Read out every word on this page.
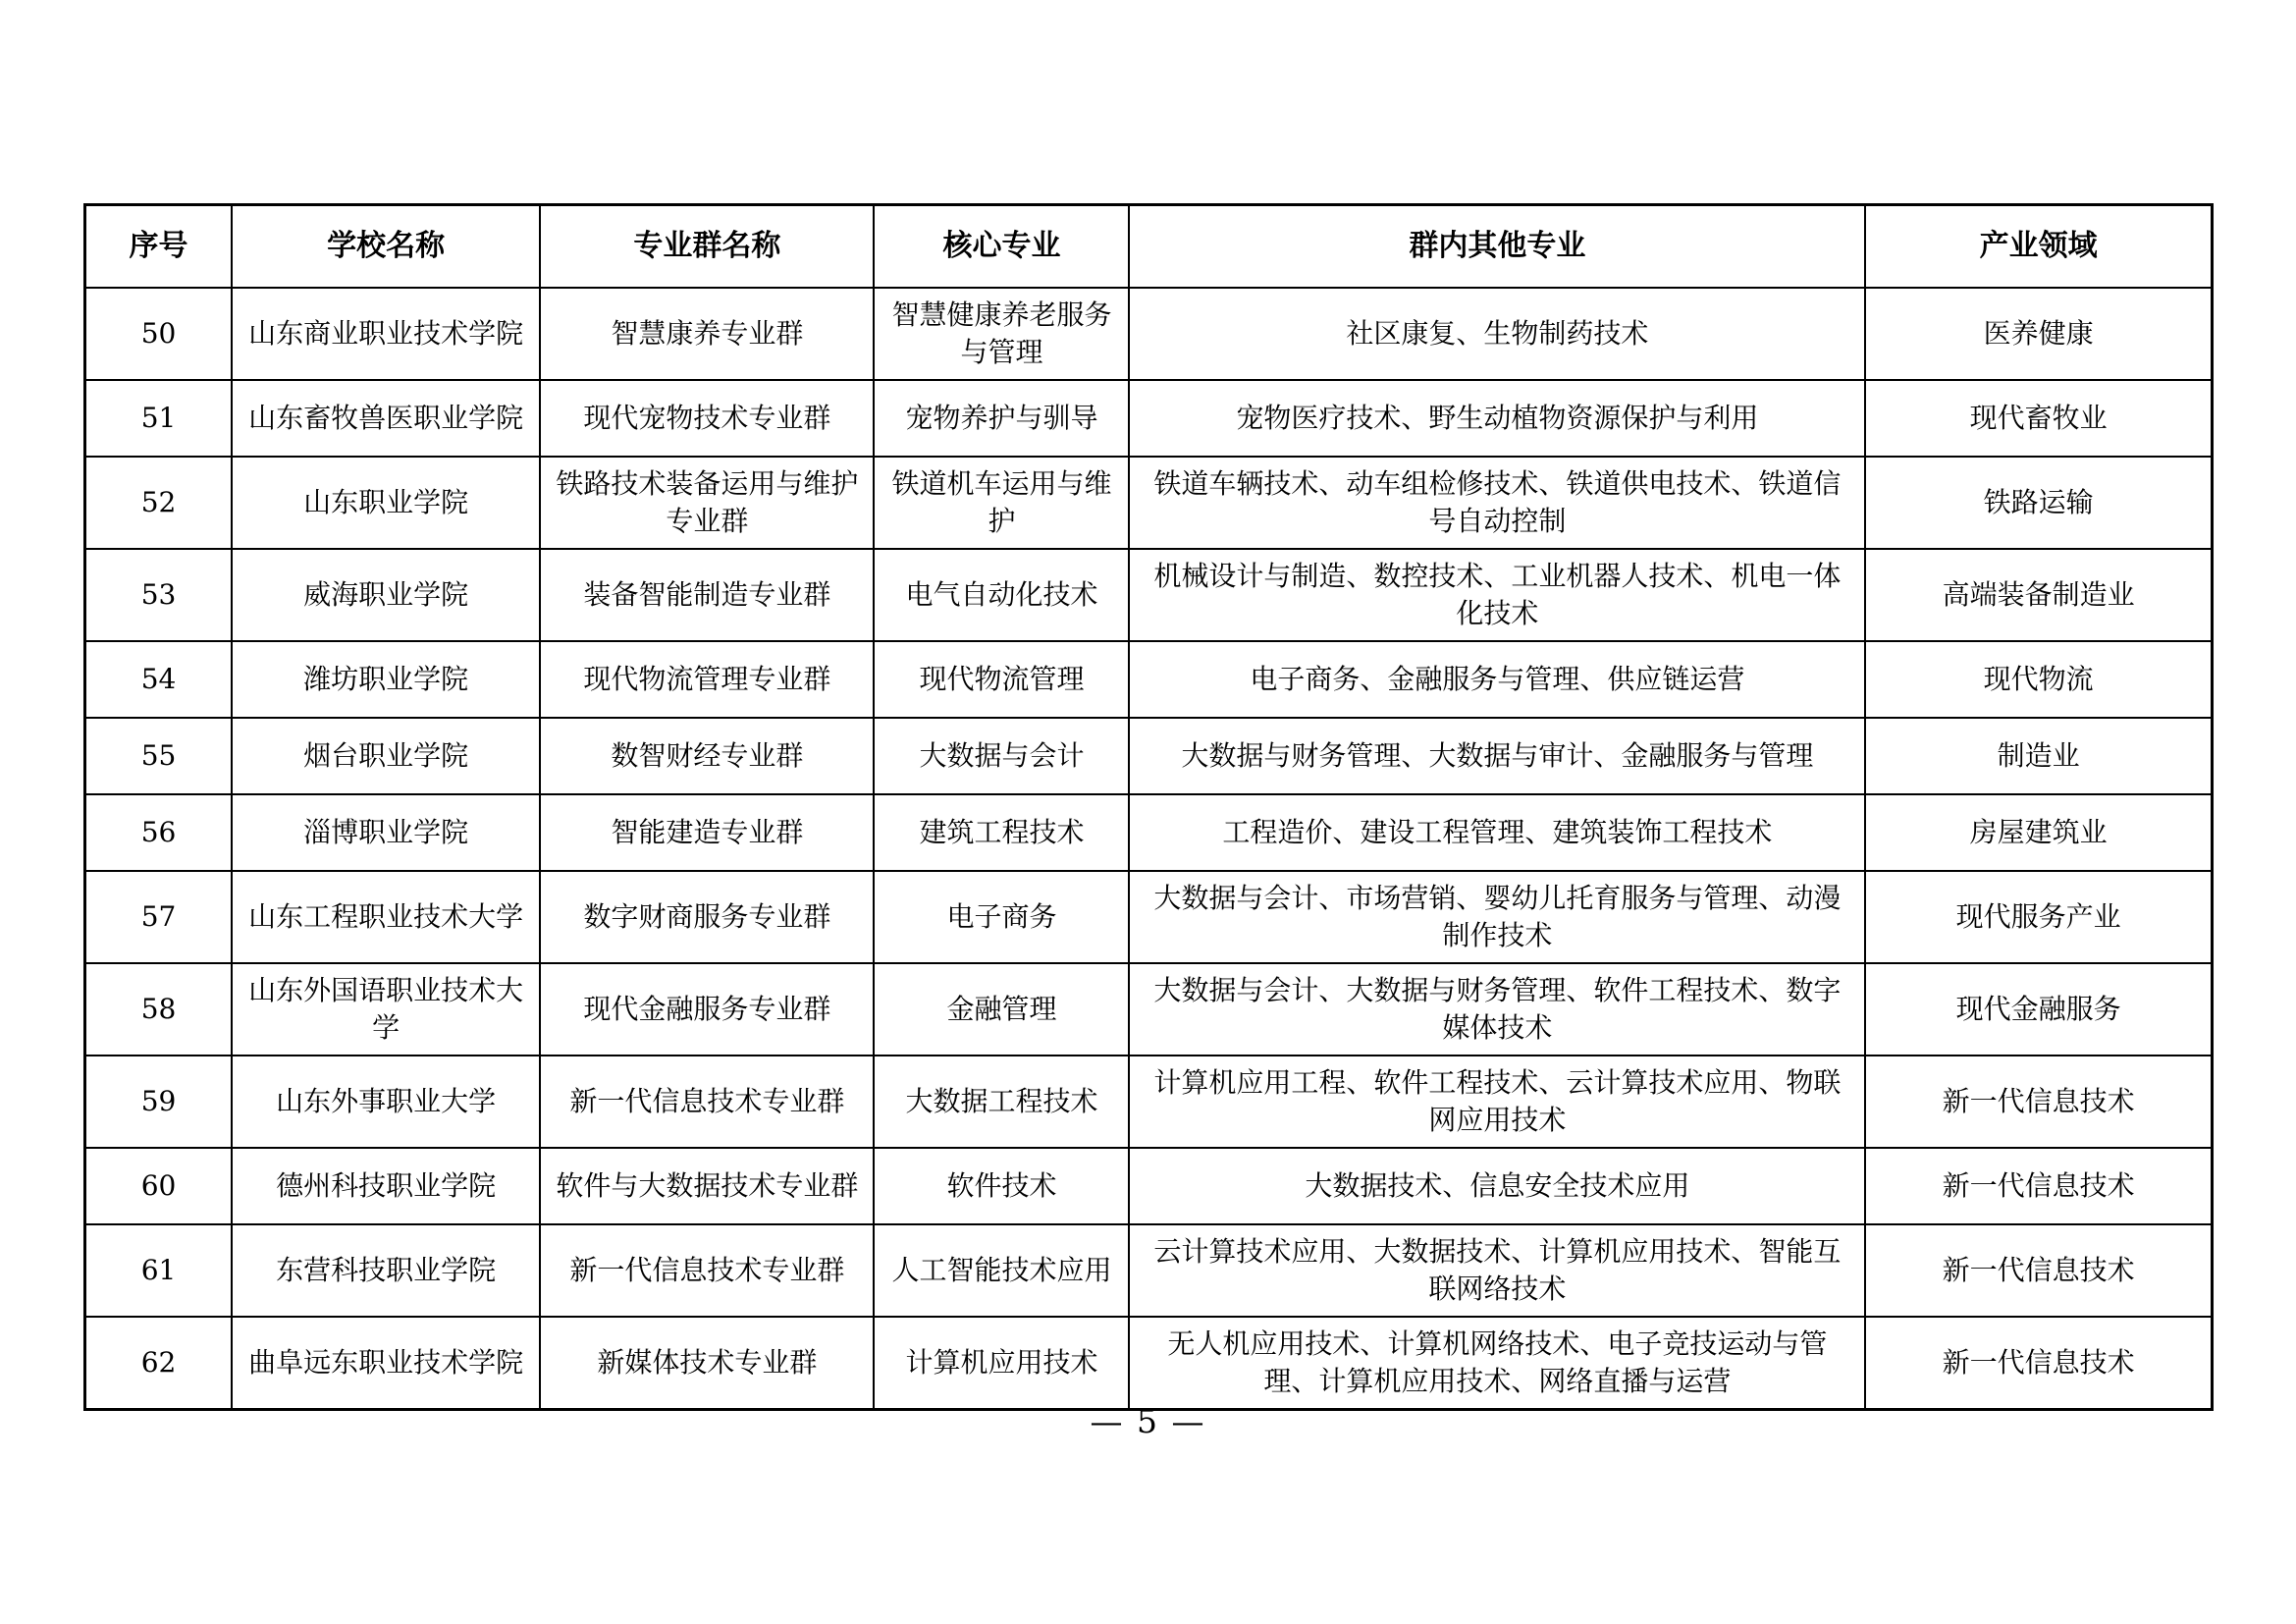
序号	学校名称	专业群名称	核心专业	群内其他专业	产业领域
50	山东商业职业技术学院	智慧康养专业群	智慧健康养老服务与管理	社区康复、生物制药技术	医养健康
51	山东畜牧兽医职业学院	现代宠物技术专业群	宠物养护与驯导	宠物医疗技术、野生动植物资源保护与利用	现代畜牧业
52	山东职业学院	铁路技术装备运用与维护专业群	铁道机车运用与维护	铁道车辆技术、动车组检修技术、铁道供电技术、铁道信号自动控制	铁路运输
53	威海职业学院	装备智能制造专业群	电气自动化技术	机械设计与制造、数控技术、工业机器人技术、机电一体化技术	高端装备制造业
54	潍坊职业学院	现代物流管理专业群	现代物流管理	电子商务、金融服务与管理、供应链运营	现代物流
55	烟台职业学院	数智财经专业群	大数据与会计	大数据与财务管理、大数据与审计、金融服务与管理	制造业
56	淄博职业学院	智能建造专业群	建筑工程技术	工程造价、建设工程管理、建筑装饰工程技术	房屋建筑业
57	山东工程职业技术大学	数字财商服务专业群	电子商务	大数据与会计、市场营销、婴幼儿托育服务与管理、动漫制作技术	现代服务产业
58	山东外国语职业技术大学	现代金融服务专业群	金融管理	大数据与会计、大数据与财务管理、软件工程技术、数字媒体技术	现代金融服务
59	山东外事职业大学	新一代信息技术专业群	大数据工程技术	计算机应用工程、软件工程技术、云计算技术应用、物联网应用技术	新一代信息技术
60	德州科技职业学院	软件与大数据技术专业群	软件技术	大数据技术、信息安全技术应用	新一代信息技术
61	东营科技职业学院	新一代信息技术专业群	人工智能技术应用	云计算技术应用、大数据技术、计算机应用技术、智能互联网络技术	新一代信息技术
62	曲阜远东职业技术学院	新媒体技术专业群	计算机应用技术	无人机应用技术、计算机网络技术、电子竞技运动与管理、计算机应用技术、网络直播与运营	新一代信息技术
— 5 —
